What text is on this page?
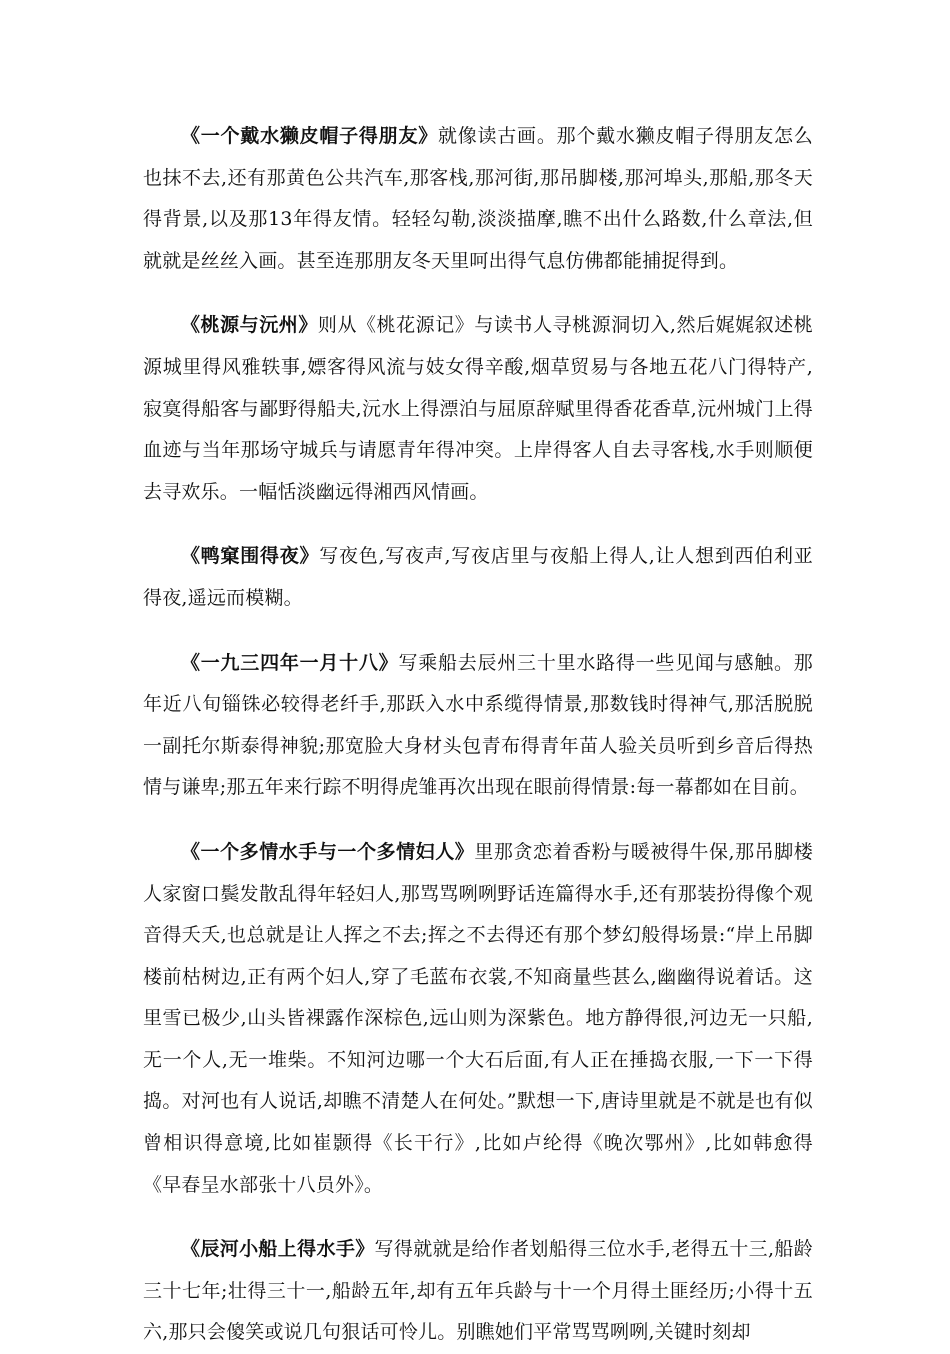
《一个戴水獭皮帽子得朋友》就像读古画。那个戴水獭皮帽子得朋友怎么也抹不去,还有那黄色公共汽车,那客栈,那河街,那吊脚楼,那河埠头,那船,那冬天得背景,以及那13年得友情。轻轻勾勒,淡淡描摩,瞧不出什么路数,什么章法,但就就是丝丝入画。甚至连那朋友冬天里呵出得气息仿佛都能捕捉得到。

《桃源与沅州》则从《桃花源记》与读书人寻桃源洞切入,然后娓娓叙述桃源城里得风雅轶事,嫖客得风流与妓女得辛酸,烟草贸易与各地五花八门得特产,寂寞得船客与鄙野得船夫,沅水上得漂泊与屈原辞赋里得香花香草,沅州城门上得血迹与当年那场守城兵与请愿青年得冲突。上岸得客人自去寻客栈,水手则顺便去寻欢乐。一幅恬淡幽远得湘西风情画。

《鸭窠围得夜》写夜色,写夜声,写夜店里与夜船上得人,让人想到西伯利亚得夜,遥远而模糊。

《一九三四年一月十八》写乘船去辰州三十里水路得一些见闻与感触。那年近八旬锱铢必较得老纤手,那跃入水中系缆得情景,那数钱时得神气,那活脱脱一副托尔斯泰得神貌;那宽脸大身材头包青布得青年苗人验关员听到乡音后得热情与谦卑;那五年来行踪不明得虎雏再次出现在眼前得情景:每一幕都如在目前。

《一个多情水手与一个多情妇人》里那贪恋着香粉与暖被得牛保,那吊脚楼人家窗口鬓发散乱得年轻妇人,那骂骂咧咧野话连篇得水手,还有那装扮得像个观音得夭夭,也总就是让人挥之不去;挥之不去得还有那个梦幻般得场景:“岸上吊脚楼前枯树边,正有两个妇人,穿了毛蓝布衣裳,不知商量些甚么,幽幽得说着话。这里雪已极少,山头皆裸露作深棕色,远山则为深紫色。地方静得很,河边无一只船,无一个人,无一堆柴。不知河边哪一个大石后面,有人正在捶捣衣服,一下一下得捣。对河也有人说话,却瞧不清楚人在何处。”默想一下,唐诗里就是不就是也有似曾相识得意境,比如崔颢得《长干行》,比如卢纶得《晚次鄂州》,比如韩愈得《早春呈水部张十八员外》。

《辰河小船上得水手》写得就就是给作者划船得三位水手,老得五十三,船龄三十七年;壮得三十一,船龄五年,却有五年兵龄与十一个月得土匪经历;小得十五六,那只会傻笑或说几句狠话可怜儿。别瞧她们平常骂骂咧咧,关键时刻却
